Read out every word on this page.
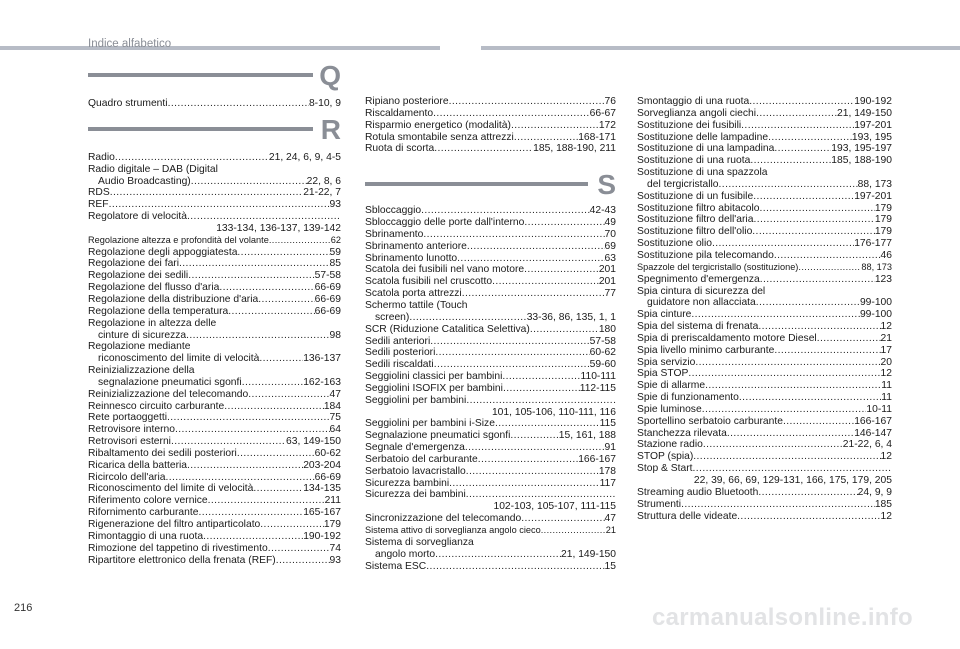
Indice alfabetico
216	carmanualsonline.info
Q
Quadro strumenti .....	8-10, 9
R
Radio .....	21, 24, 6, 9, 4-5
Radio digitale – DAB (Digital
Audio Broadcasting) .....	22, 8, 6
RDS .....	21-22, 7
REF .....	93
Regolatore di velocità
.....
133-134, 136-137, 139-142
Regolazione altezza e profondità del volante .....	62
Regolazione degli appoggiatesta .....	59
Regolazione dei fari .....	85
Regolazione dei sedili .....	57-58
Regolazione del flusso d'aria .....	66-69
Regolazione della distribuzione d'aria .....	66-69
Regolazione della temperatura .....	66-69
Regolazione in altezza delle
cinture di sicurezza .....	98
Regolazione mediante
riconoscimento del limite di velocità .....	136-137
Reinizializzazione della
segnalazione pneumatici sgonfi .....	162-163
Reinizializzazione del telecomando .....	47
Reinnesco circuito carburante .....	184
Rete portaoggetti .....	75
Retrovisore interno .....	64
Retrovisori esterni .....	63, 149-150
Ribaltamento dei sedili posteriori .....	60-62
Ricarica della batteria .....	203-204
Ricircolo dell'aria .....	66-69
Riconoscimento del limite di velocità .....	134-135
Riferimento colore vernice .....	211
Rifornimento carburante .....	165-167
Rigenerazione del filtro antiparticolato .....	179
Rimontaggio di una ruota .....	190-192
Rimozione del tappetino di rivestimento .....	74
Ripartitore elettronico della frenata (REF) .....	93
Ripiano posteriore .....	76
Riscaldamento .....	66-67
Risparmio energetico (modalità) .....	172
Rotula smontabile senza attrezzi .....	168-171
Ruota di scorta .....	185, 188-190, 211
S
Sbloccaggio .....	42-43
Sbloccaggio delle porte dall'interno .....	49
Sbrinamento .....	70
Sbrinamento anteriore .....	69
Sbrinamento lunotto .....	63
Scatola dei fusibili nel vano motore .....	201
Scatola fusibili nel cruscotto .....	201
Scatola porta attrezzi .....	77
Schermo tattile (Touch
screen) .....	33-36, 86, 135, 1, 1
SCR (Riduzione Catalitica Selettiva) .....	180
Sedili anteriori .....	57-58
Sedili posteriori .....	60-62
Sedili riscaldati .....	59-60
Seggiolini classici per bambini .....	110-111
Seggiolini ISOFIX per bambini .....	112-115
Seggiolini per bambini
.....
101, 105-106, 110-111, 116
Seggiolini per bambini i-Size .....	115
Segnalazione pneumatici sgonfi .....	15, 161, 188
Segnale d'emergenza .....	91
Serbatoio del carburante .....	166-167
Serbatoio lavacristallo .....	178
Sicurezza bambini .....	117
Sicurezza dei bambini
.....
102-103, 105-107, 111-115
Sincronizzazione del telecomando .....	47
Sistema attivo di sorveglianza angolo cieco .....	21
Sistema di sorveglianza
angolo morto .....	21, 149-150
Sistema ESC .....	15
Smontaggio di una ruota .....	190-192
Sorveglianza angoli ciechi .....	21, 149-150
Sostituzione dei fusibili .....	197-201
Sostituzione delle lampadine .....	193, 195
Sostituzione di una lampadina .....	193, 195-197
Sostituzione di una ruota .....	185, 188-190
Sostituzione di una spazzola
del tergicristallo .....	88, 173
Sostituzione di un fusibile .....	197-201
Sostituzione filtro abitacolo .....	179
Sostituzione filtro dell'aria .....	179
Sostituzione filtro dell'olio .....	179
Sostituzione olio .....	176-177
Sostituzione pila telecomando .....	46
Spazzole del tergicristallo (sostituzione) .....	88, 173
Spegnimento d'emergenza .....	123
Spia cintura di sicurezza del
guidatore non allacciata .....	99-100
Spia cinture .....	99-100
Spia del sistema di frenata .....	12
Spia di preriscaldamento motore Diesel .....	21
Spia livello minimo carburante .....	17
Spia servizio .....	20
Spia STOP .....	12
Spie di allarme .....	11
Spie di funzionamento .....	11
Spie luminose .....	10-11
Sportellino serbatoio carburante .....	166-167
Stanchezza rilevata .....	146-147
Stazione radio .....	21-22, 6, 4
STOP (spia) .....	12
Stop & Start
.....
22, 39, 66, 69, 129-131, 166, 175, 179, 205
Streaming audio Bluetooth .....	24, 9, 9
Strumenti .....	185
Struttura delle videate .....	12
